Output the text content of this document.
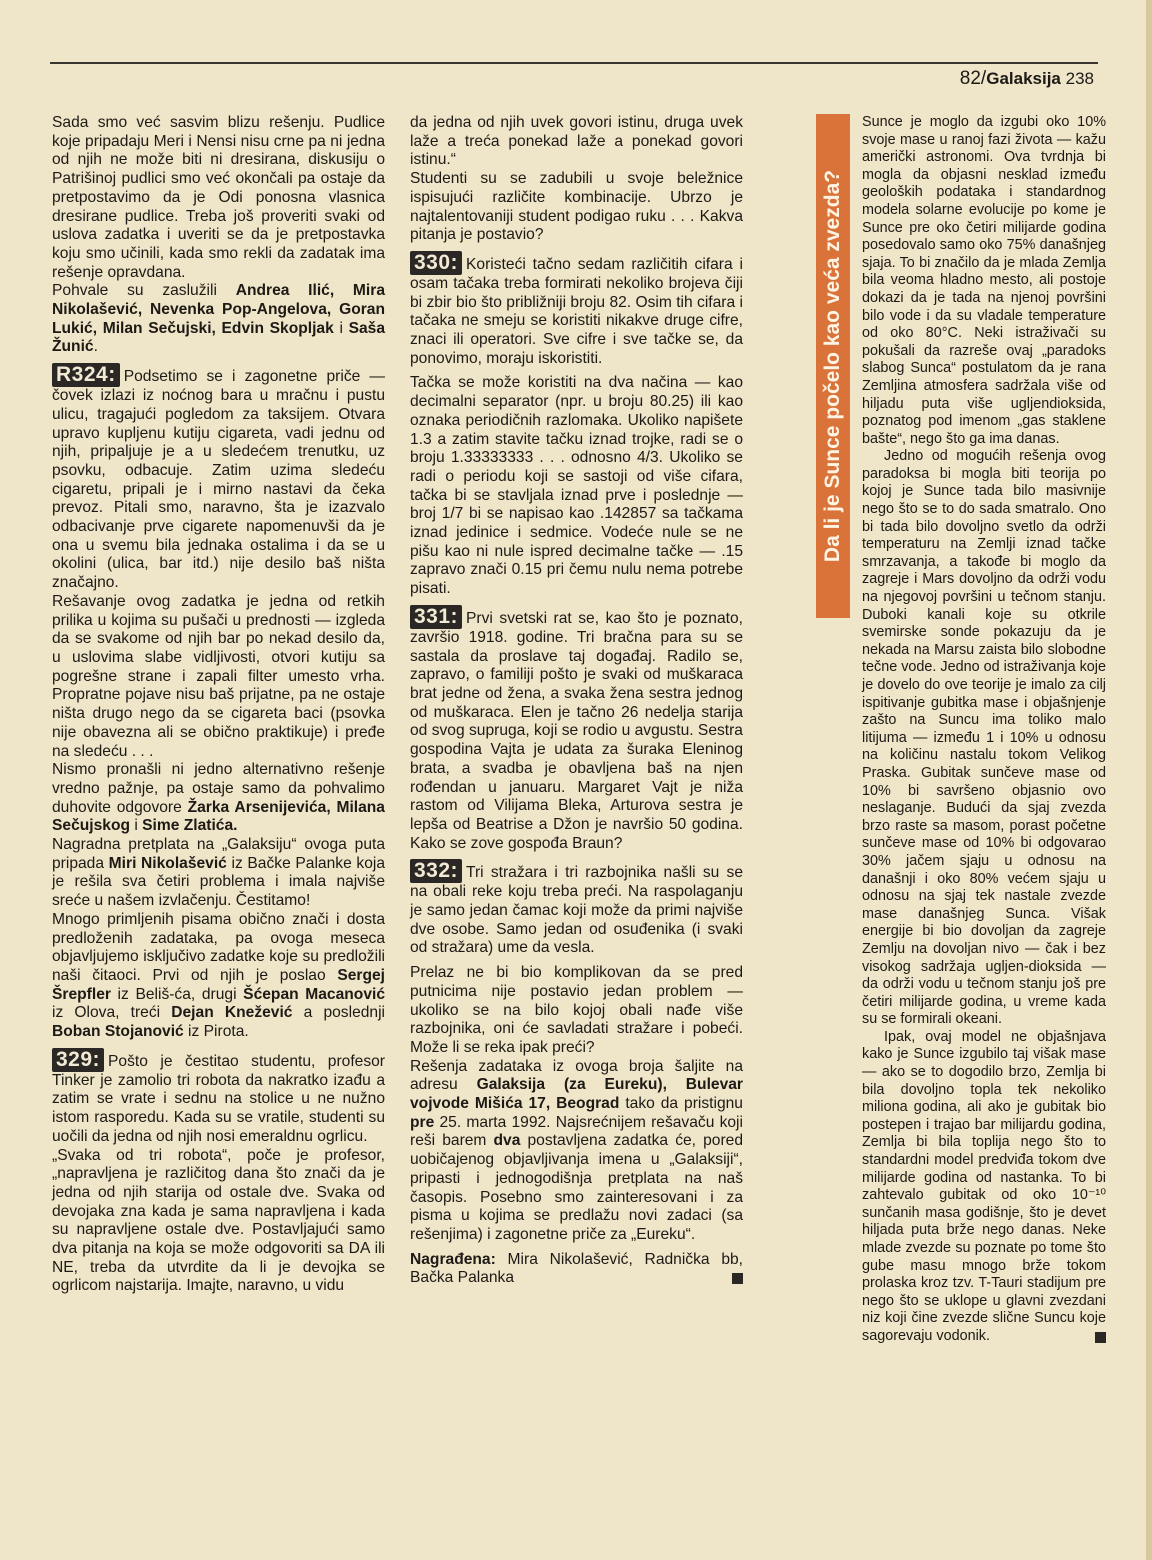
82/Galaksija 238

Sada smo već sasvim blizu rešenju. Pudlice koje pripadaju Meri i Nensi nisu crne pa ni jedna od njih ne može biti ni dresirana, diskusiju o Patrišinoj pudlici smo već okončali pa ostaje da pretpostavimo da je Odi ponosna vlasnica dresirane pudlice. Treba još proveriti svaki od uslova zadatka i uveriti se da je pretpostavka koju smo učinili, kada smo rekli da zadatak ima rešenje opravdana.

Pohvale su zaslužili Andrea Ilić, Mira Nikolašević, Nevenka Pop-Angelova, Goran Lukić, Milan Sečujski, Edvin Skopljak i Saša Žunić.

R324: Podsetimo se i zagonetne priče — čovek izlazi iz noćnog bara u mračnu i pustu ulicu, tragajući pogledom za taksijem. Otvara upravo kupljenu kutiju cigareta, vadi jednu od njih, pripaljuje je a u sledećem trenutku, uz psovku, odbacuje. Zatim uzima sledeću cigaretu, pripali je i mirno nastavi da čeka prevoz. Pitali smo, naravno, šta je izazvalo odbacivanje prve cigarete napomenuvši da je ona u svemu bila jednaka ostalima i da se u okolini (ulica, bar itd.) nije desilo baš ništa značajno.

Rešavanje ovog zadatka je jedna od retkih prilika u kojima su pušači u prednosti — izgleda da se svakome od njih bar po nekad desilo da, u uslovima slabe vidljivosti, otvori kutiju sa pogrešne strane i zapali filter umesto vrha. Propratne pojave nisu baš prijatne, pa ne ostaje ništa drugo nego da se cigareta baci (psovka nije obavezna ali se obično praktikuje) i pređe na sledeću . . .

Nismo pronašli ni jedno alternativno rešenje vredno pažnje, pa ostaje samo da pohvalimo duhovite odgovore Žarka Arsenijevića, Milana Sečujskog i Sime Zlatića.

Nagradna pretplata na „Galaksiju“ ovoga puta pripada Miri Nikolašević iz Bačke Palanke koja je rešila sva četiri problema i imala najviše sreće u našem izvlačenju. Čestitamo!

Mnogo primljenih pisama obično znači i dosta predloženih zadataka, pa ovoga meseca objavljujemo isključivo zadatke koje su predložili naši čitaoci. Prvi od njih je poslao Sergej Šrepfler iz Beliš-ća, drugi Šćepan Macanović iz Olova, treći Dejan Knežević a poslednji Boban Stojanović iz Pirota.

329: Pošto je čestitao studentu, profesor Tinker je zamolio tri robota da nakratko izađu a zatim se vrate i sednu na stolice u ne nužno istom rasporedu. Kada su se vratile, studenti su uočili da jedna od njih nosi emeraldnu ogrlicu.

„Svaka od tri robota“, poče je profesor, „napravljena je različitog dana što znači da je jedna od njih starija od ostale dve. Svaka od devojaka zna kada je sama napravljena i kada su napravljene ostale dve. Postavljajući samo dva pitanja na koja se može odgovoriti sa DA ili NE, treba da utvrdite da li je devojka se ogrlicom najstarija. Imajte, naravno, u vidu

da jedna od njih uvek govori istinu, druga uvek laže a treća ponekad laže a ponekad govori istinu.“

Studenti su se zadubili u svoje beležnice ispisujući različite kombinacije. Ubrzo je najtalentovaniji student podigao ruku . . . Kakva pitanja je postavio?

330: Koristeći tačno sedam različitih cifara i osam tačaka treba formirati nekoliko brojeva čiji bi zbir bio što približniji broju 82. Osim tih cifara i tačaka ne smeju se koristiti nikakve druge cifre, znaci ili operatori. Sve cifre i sve tačke se, da ponovimo, moraju iskoristiti.

Tačka se može koristiti na dva načina — kao decimalni separator (npr. u broju 80.25) ili kao oznaka periodičnih razlomaka. Ukoliko napišete 1.3 a zatim stavite tačku iznad trojke, radi se o broju 1.33333333 . . . odnosno 4/3. Ukoliko se radi o periodu koji se sastoji od više cifara, tačka bi se stavljala iznad prve i poslednje — broj 1/7 bi se napisao kao .142857 sa tačkama iznad jedinice i sedmice. Vodeće nule se ne pišu kao ni nule ispred decimalne tačke — .15 zapravo znači 0.15 pri čemu nulu nema potrebe pisati.

331: Prvi svetski rat se, kao što je poznato, završio 1918. godine. Tri bračna para su se sastala da proslave taj događaj. Radilo se, zapravo, o familiji pošto je svaki od muškaraca brat jedne od žena, a svaka žena sestra jednog od muškaraca. Elen je tačno 26 nedelja starija od svog supruga, koji se rodio u avgustu. Sestra gospodina Vajta je udata za šuraka Eleninog brata, a svadba je obavljena baš na njen rođendan u januaru. Margaret Vajt je niža rastom od Vilijama Bleka, Arturova sestra je lepša od Beatrise a Džon je navršio 50 godina. Kako se zove gospođa Braun?

332: Tri stražara i tri razbojnika našli su se na obali reke koju treba preći. Na raspolaganju je samo jedan čamac koji može da primi najviše dve osobe. Samo jedan od osuđenika (i svaki od stražara) ume da vesla.

Prelaz ne bi bio komplikovan da se pred putnicima nije postavio jedan problem — ukoliko se na bilo kojoj obali nađe više razbojnika, oni će savladati stražare i pobeći. Može li se reka ipak preći?

Rešenja zadataka iz ovoga broja šaljite na adresu Galaksija (za Eureku), Bulevar vojvode Mišića 17, Beograd tako da pristignu pre 25. marta 1992. Najsrećnijem rešavaču koji reši barem dva postavljena zadatka će, pored uobičajenog objavljivanja imena u „Galaksiji“, pripasti i jednogodišnja pretplata na naš časopis. Posebno smo zainteresovani i za pisma u kojima se predlažu novi zadaci (sa rešenjima) i zagonetne priče za „Eureku“.

Nagrađena: Mira Nikolašević, Radnička bb, Bačka Palanka

Da li je Sunce počelo kao veća zvezda?

Sunce je moglo da izgubi oko 10% svoje mase u ranoj fazi života — kažu američki astronomi. Ova tvrdnja bi mogla da objasni nesklad između geoloških podataka i standardnog modela solarne evolucije po kome je Sunce pre oko četiri milijarde godina posedovalo samo oko 75% današnjeg sjaja. To bi značilo da je mlada Zemlja bila veoma hladno mesto, ali postoje dokazi da je tada na njenoj površini bilo vode i da su vladale temperature od oko 80°C. Neki istraživači su pokušali da razreše ovaj „paradoks slabog Sunca“ postulatom da je rana Zemljina atmosfera sadržala više od hiljadu puta više ugljendioksida, poznatog pod imenom „gas staklene bašte“, nego što ga ima danas.

Jedno od mogućih rešenja ovog paradoksa bi mogla biti teorija po kojoj je Sunce tada bilo masivnije nego što se to do sada smatralo. Ono bi tada bilo dovoljno svetlo da održi temperaturu na Zemlji iznad tačke smrzavanja, a takođe bi moglo da zagreje i Mars dovoljno da održi vodu na njegovoj površini u tečnom stanju. Duboki kanali koje su otkrile svemirske sonde pokazuju da je nekada na Marsu zaista bilo slobodne tečne vode. Jedno od istraživanja koje je dovelo do ove teorije je imalo za cilj ispitivanje gubitka mase i objašnjenje zašto na Suncu ima toliko malo litijuma — između 1 i 10% u odnosu na količinu nastalu tokom Velikog Praska. Gubitak sunčeve mase od 10% bi savršeno objasnio ovo neslaganje. Budući da sjaj zvezda brzo raste sa masom, porast početne sunčeve mase od 10% bi odgovarao 30% jačem sjaju u odnosu na današnji i oko 80% većem sjaju u odnosu na sjaj tek nastale zvezde mase današnjeg Sunca. Višak energije bi bio dovoljan da zagreje Zemlju na dovoljan nivo — čak i bez visokog sadržaja ugljen-dioksida — da održi vodu u tečnom stanju još pre četiri milijarde godina, u vreme kada su se formirali okeani.

Ipak, ovaj model ne objašnjava kako je Sunce izgubilo taj višak mase — ako se to dogodilo brzo, Zemlja bi bila dovoljno topla tek nekoliko miliona godina, ali ako je gubitak bio postepen i trajao bar milijardu godina, Zemlja bi bila toplija nego što to standardni model predviđa tokom dve milijarde godina od nastanka. To bi zahtevalo gubitak od oko 10⁻¹⁰ sunčanih masa godišnje, što je devet hiljada puta brže nego danas. Neke mlade zvezde su poznate po tome što gube masu mnogo brže tokom prolaska kroz tzv. T-Tauri stadijum pre nego što se uklope u glavni zvezdani niz koji čine zvezde slične Suncu koje sagorevaju vodonik.
